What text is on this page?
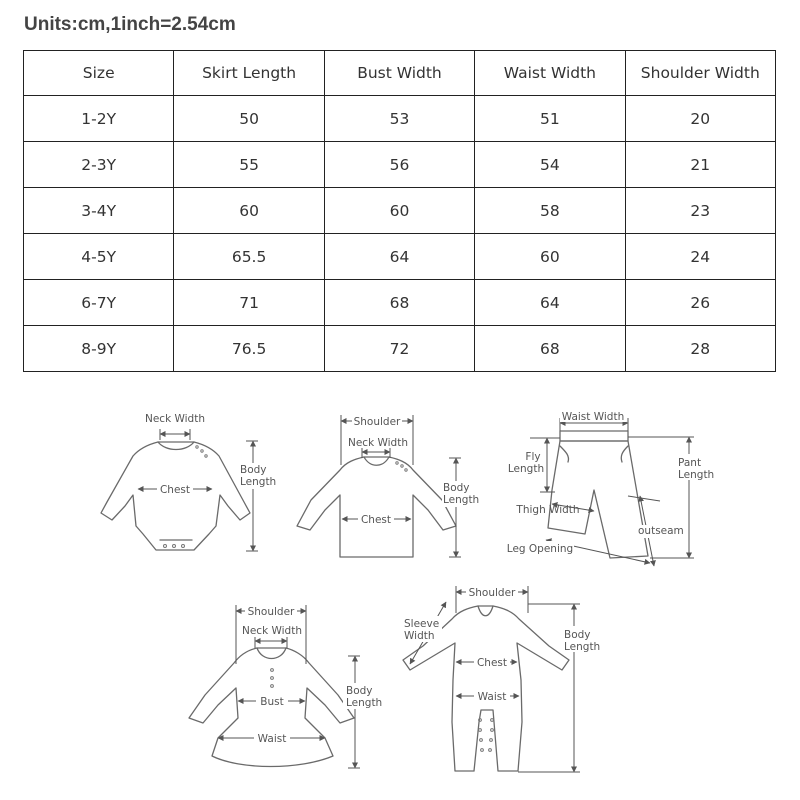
Units:cm,1inch=2.54cm
Size	Skirt Length	Bust Width	Waist Width	Shoulder Width
1-2Y	50	53	51	20
2-3Y	55	56	54	21
3-4Y	60	60	58	23
4-5Y	65.5	64	60	24
6-7Y	71	68	64	26
8-9Y	76.5	72	68	28
Neck Width
Chest
Body
Length
Shoulder
Neck Width
Chest
Body
Length
Waist Width
Fly
Length	Pant
Length
Thigh Width
outseam
Leg Opening
Shoulder
Neck Width
Bust
Waist
Body
Length
Shoulder
Sleeve
Width
Chest
Waist
Body
Length
